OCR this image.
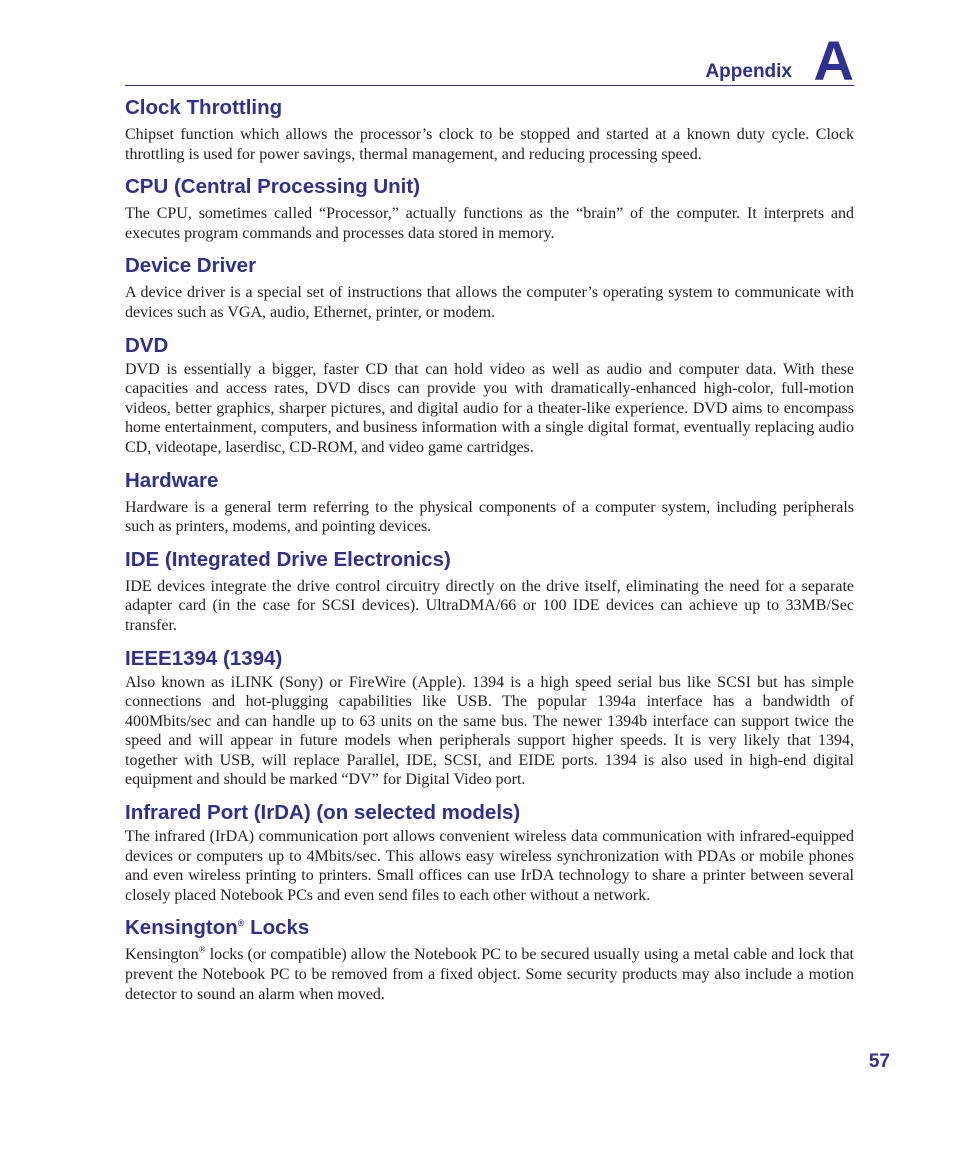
Appendix A
Clock Throttling

Chipset function which allows the processor’s clock to be stopped and started at a known duty cycle. Clock throttling is used for power savings, thermal management, and reducing processing speed.

CPU (Central Processing Unit)

The CPU, sometimes called “Processor,” actually functions as the “brain” of the computer. It interprets and executes program commands and processes data stored in memory.

Device Driver

A device driver is a special set of instructions that allows the computer’s operating system to communicate with devices such as VGA, audio, Ethernet, printer, or modem.

DVD

DVD is essentially a bigger, faster CD that can hold video as well as audio and computer data. With these capacities and access rates, DVD discs can provide you with dramatically-enhanced high-color, full-motion videos, better graphics, sharper pictures, and digital audio for a theater-like experience. DVD aims to encompass home entertainment, computers, and business information with a single digital format, eventually replacing audio CD, videotape, laserdisc, CD-ROM, and video game cartridges.

Hardware

Hardware is a general term referring to the physical components of a computer system, including peripherals such as printers, modems, and pointing devices.

IDE (Integrated Drive Electronics)

IDE devices integrate the drive control circuitry directly on the drive itself, eliminating the need for a separate adapter card (in the case for SCSI devices). UltraDMA/66 or 100 IDE devices can achieve up to 33MB/Sec transfer.

IEEE1394 (1394)

Also known as iLINK (Sony) or FireWire (Apple). 1394 is a high speed serial bus like SCSI but has simple connections and hot-plugging capabilities like USB. The popular 1394a interface has a bandwidth of 400Mbits/sec and can handle up to 63 units on the same bus. The newer 1394b interface can support twice the speed and will appear in future models when peripherals support higher speeds. It is very likely that 1394, together with USB, will replace Parallel, IDE, SCSI, and EIDE ports. 1394 is also used in high-end digital equipment and should be marked “DV” for Digital Video port.

Infrared Port (IrDA) (on selected models)

The infrared (IrDA) communication port allows convenient wireless data communication with infrared-equipped devices or computers up to 4Mbits/sec. This allows easy wireless synchronization with PDAs or mobile phones and even wireless printing to printers. Small offices can use IrDA technology to share a printer between several closely placed Notebook PCs and even send files to each other without a network.

Kensington® Locks

Kensington® locks (or compatible) allow the Notebook PC to be secured usually using a metal cable and lock that prevent the Notebook PC to be removed from a fixed object. Some security products may also include a motion detector to sound an alarm when moved.

57
